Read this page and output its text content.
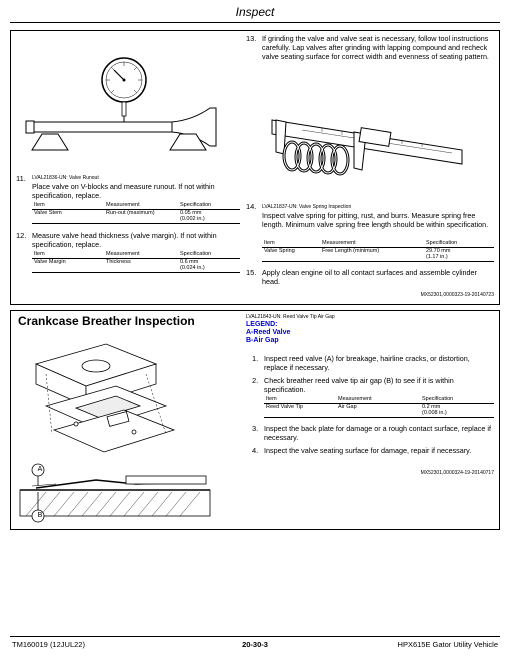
Inspect
LVAL21836-UN: Valve Runout
11.
Place valve on V-blocks and measure runout. If not within specification, replace.
Item	Measurement	Specification
Valve Stem	Run-out (maximum)	0.05 mm
(0.002 in.)
12. Measure valve head thickness (valve margin). If not within specification, replace.
Item	Measurement	Specification
Valve Margin	Thickness	0.6 mm
(0.024 in.)
13. If grinding the valve and valve seat is necessary, follow tool instructions carefully. Lap valves after grinding with lapping compound and recheck valve seating surface for correct width and evenness of seating pattern.
14. LVAL21837-UN: Valve Spring Inspection
Inspect valve spring for pitting, rust, and burrs. Measure spring free length. Minimum valve spring free length should be within specification.
Item	Measurement	Specification
Valve Spring	Free Length (minimum)	29.70 mm
(1.17 in.)
15. Apply clean engine oil to all contact surfaces and assemble cylinder head.
MX52301,0000323-19-20140723
Crankcase Breather Inspection
A
B
LVAL21843-UN: Reed Valve Tip Air Gap
LEGEND:
A-Reed Valve
B-Air Gap
1. Inspect reed valve (A) for breakage, hairline cracks, or distortion, replace if necessary.
2. Check breather reed valve tip air gap (B) to see if it is within specification.
Item	Measurement	Specification
Reed Valve Tip	Air Gap	0.2 mm
(0.008 in.)
3. Inspect the back plate for damage or a rough contact surface, replace if necessary.
4. Inspect the valve seating surface for damage, repair if necessary.
MX52301,0000324-19-20140717
TM160019 (12JUL22)	20-30-3	HPX615E Gator Utility Vehicle
